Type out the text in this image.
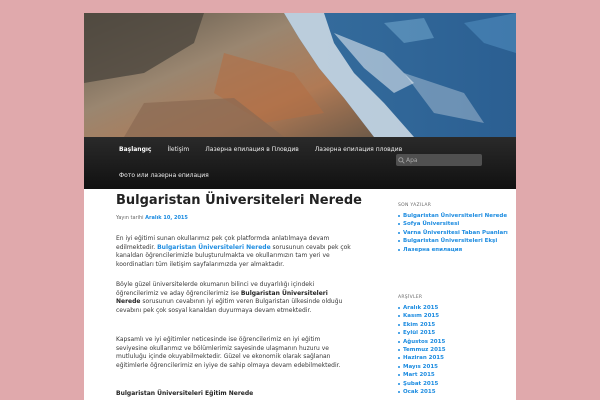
Başlangıç	İletişim	Лазерна епилация в Пловдив	Лазерна епилация пловдив
Фото или лазерна епилация
Ара
Bulgaristan Üniversiteleri Nerede
Yayın tarihi Aralık 10, 2015
En iyi eğitimi sunan okullarımız pek çok platformda anlatılmaya devam edilmektedir. Bulgaristan Üniversiteleri Nerede sorusunun cevabı pek çok kanaldan öğrencilerimizle buluşturulmakta ve okullarımızın tam yeri ve koordinatları tüm iletişim sayfalarımızda yer almaktadır.
Böyle güzel üniversitelerde okumanın bilinci ve duyarlılığı içindeki öğrencilerimiz ve aday öğrencilerimiz ise Bulgaristan Üniversiteleri Nerede sorusunun cevabının iyi eğitim veren Bulgaristan ülkesinde olduğu cevabını pek çok sosyal kanaldan duyurmaya devam etmektedir.
Kapsamlı ve iyi eğitimler neticesinde ise öğrencilerimiz en iyi eğitim seviyesine okullarımız ve bölümlerimiz sayesinde ulaşmanın huzuru ve mutluluğu içinde okuyabilmektedir. Güzel ve ekonomik olarak sağlanan eğitimlerle öğrencilerimiz en iyiye de sahip olmaya devam edebilmektedir.
Bulgaristan Üniversiteleri Eğitim Nerede
SON YAZILAR
Bulgaristan Üniversiteleri Nerede
Sofya Üniversitesi
Varna Üniversitesi Taban Puanları
Bulgaristan Üniversiteleri Ekşi
Лазерна епилация
ARŞİVLER
Aralık 2015
Kasım 2015
Ekim 2015
Eylül 2015
Ağustos 2015
Temmuz 2015
Haziran 2015
Mayıs 2015
Mart 2015
Şubat 2015
Ocak 2015
